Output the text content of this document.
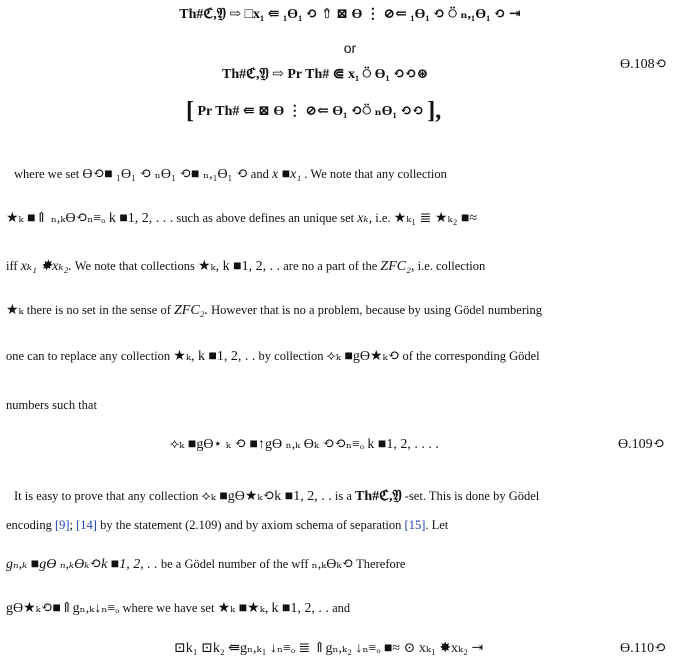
Th#ℭ,𝔜 ⇨ □x₁ ⇚ ₁ϴ₁ ⟲ ⇮ ⊠ ϴ ⋮ ⊘⇐ ₁ϴ₁ ⟲ ⍥ ₙ,₁ϴ₁ ⟲ ⇥
or
Th#ℭ,𝔜 ⇨ Pr Th# ⋐ x₁ ⍥ ϴ₁ ⟲⟲⊛
ϴ.108⟲
[ Pr Th# ⇚ ⊠ ϴ ⋮ ⊘⇐ ϴ₁ ⟲⍥ ₙϴ₁ ⟲⟲ ],
where we set ϴ⟲■ ₁ϴ₁ ⟲ ₙϴ₁ ⟲■ ₙ,₁ϴ₁ ⟲ and x ■x₁ . We note that any collection
★ₖ ■⇑ ₙ,ₖϴ⟲ₙ≡ₒ k ■1, 2, . . . such as above defines an unique set xₖ, i.e. ★ₖ₁ ≣ ★ₖ₂ ■≈
iff xₖ₁ ✸xₖ₂. We note that collections ★ₖ, k ■1, 2, . . are no a part of the ZFC₂, i.e. collection
★ₖ there is no set in the sense of ZFC₂. However that is no a problem, because by using Gödel numbering
one can to replace any collection ★ₖ, k ■1, 2, . . by collection ⟡ₖ ■gϴ★ₖ⟲ of the corresponding Gödel
numbers such that
⟡ₖ ■gϴ⋆ ₖ ⟲ ■↑gϴ ₙ,ₖ ϴₖ ⟲⟲ₙ≡ₒ k ■1, 2, . . . .	ϴ.109⟲
It is easy to prove that any collection ⟡ₖ ■gϴ★ₖ⟲k ■1, 2, . . is a Th#ℭ,𝔜 -set. This is done by Gödel
encoding [9]; [14] by the statement (2.109) and by axiom schema of separation [15]. Let
gₙ,ₖ ■gϴ ₙ,ₖϴₖ⟲k ■1, 2, . . be a Gödel number of the wff ₙ,ₖϴₖ⟲ Therefore
gϴ★ₖ⟲■⇑gₙ,ₖ↓ₙ≡ₒ where we have set ★ₖ ■★ₖ, k ■1, 2, . . and
⊡k₁ ⊡k₂ ⇚gₙ,ₖ₁ ↓ₙ≡ₒ ≣ ⇑gₙ,ₖ₂ ↓ₙ≡ₒ ■≈ ⊙ xₖ₁ ✸xₖ₂ ⇥	ϴ.110⟲
